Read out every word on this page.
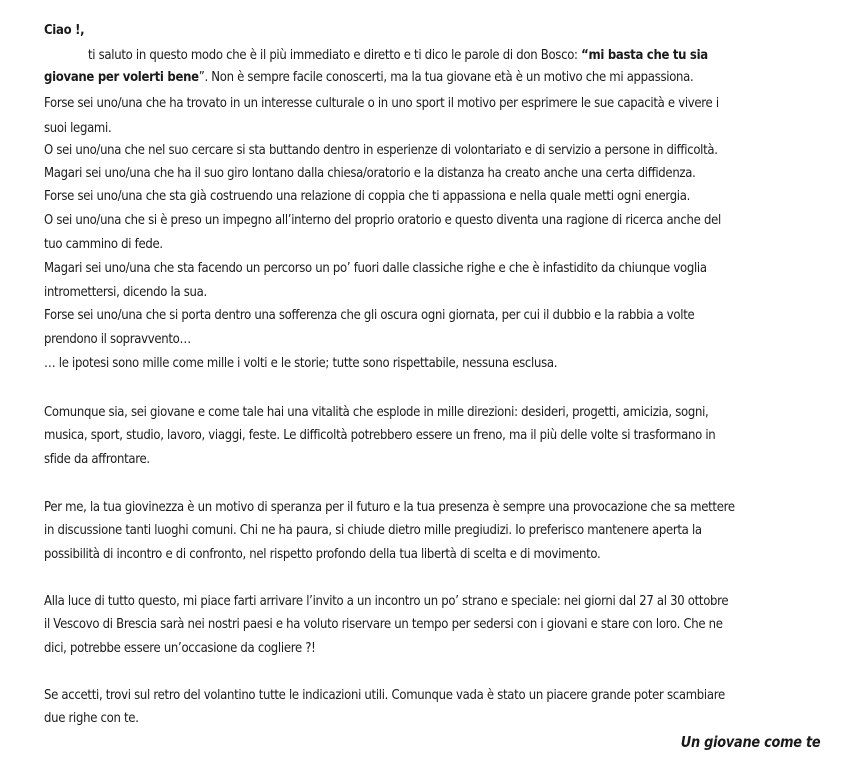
Ciao !,
ti saluto in questo modo che è il più immediato e diretto e ti dico le parole di don Bosco: “mi basta che tu sia
giovane per volerti bene”. Non è sempre facile conoscerti, ma la tua giovane età è un motivo che mi appassiona.
Forse sei uno/una che ha trovato in un interesse culturale o in uno sport il motivo per esprimere le sue capacità e vivere i
suoi legami.
O sei uno/una che nel suo cercare si sta buttando dentro in esperienze di volontariato e di servizio a persone in difficoltà.
Magari sei uno/una che ha il suo giro lontano dalla chiesa/oratorio e la distanza ha creato anche una certa diffidenza.
Forse sei uno/una che sta già costruendo una relazione di coppia che ti appassiona e nella quale metti ogni energia.
O sei uno/una che si è preso un impegno all’interno del proprio oratorio e questo diventa una ragione di ricerca anche del
tuo cammino di fede.
Magari sei uno/una che sta facendo un percorso un po’ fuori dalle classiche righe e che è infastidito da chiunque voglia
intromettersi, dicendo la sua.
Forse sei uno/una che si porta dentro una sofferenza che gli oscura ogni giornata, per cui il dubbio e la rabbia a volte
prendono il sopravvento…
… le ipotesi sono mille come mille i volti e le storie; tutte sono rispettabile, nessuna esclusa.
Comunque sia, sei giovane e come tale hai una vitalità che esplode in mille direzioni: desideri, progetti, amicizia, sogni,
musica, sport, studio, lavoro, viaggi, feste. Le difficoltà potrebbero essere un freno, ma il più delle volte si trasformano in
sfide da affrontare.
Per me, la tua giovinezza è un motivo di speranza per il futuro e la tua presenza è sempre una provocazione che sa mettere
in discussione tanti luoghi comuni. Chi ne ha paura, si chiude dietro mille pregiudizi. Io preferisco mantenere aperta la
possibilità di incontro e di confronto, nel rispetto profondo della tua libertà di scelta e di movimento.
Alla luce di tutto questo, mi piace farti arrivare l’invito a un incontro un po’ strano e speciale: nei giorni dal 27 al 30 ottobre
il Vescovo di Brescia sarà nei nostri paesi e ha voluto riservare un tempo per sedersi con i giovani e stare con loro. Che ne
dici, potrebbe essere un’occasione da cogliere ?!
Se accetti, trovi sul retro del volantino tutte le indicazioni utili. Comunque vada è stato un piacere grande poter scambiare
due righe con te.
Un giovane come te
